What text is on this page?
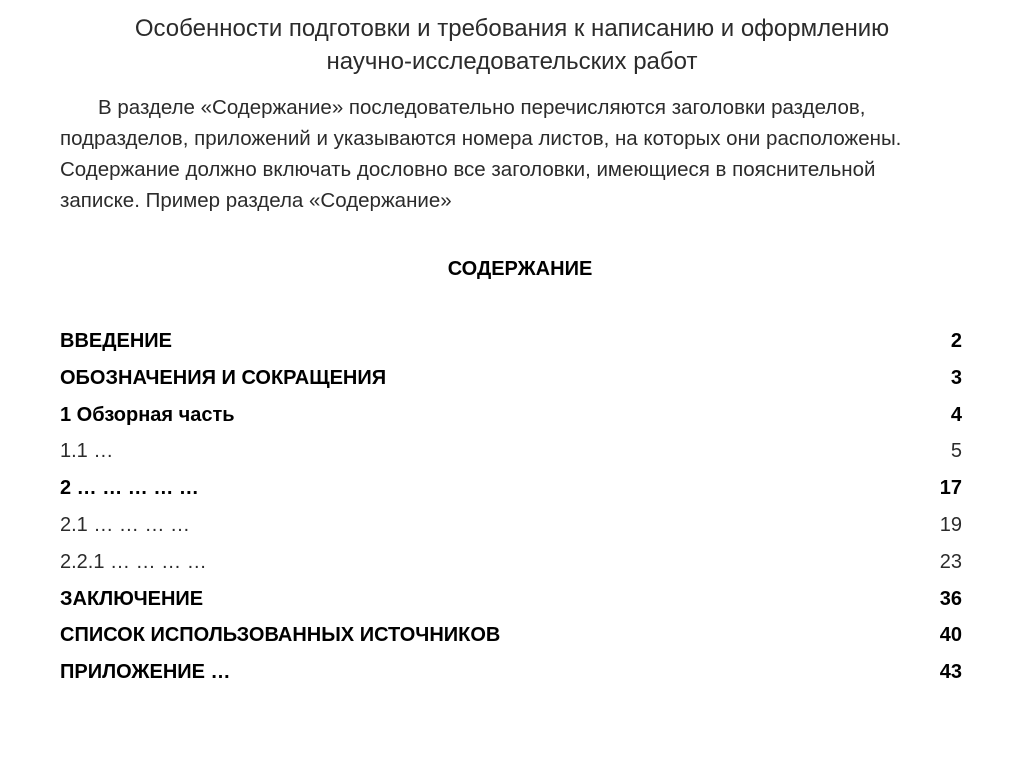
Особенности подготовки и требования к написанию и оформлению
научно-исследовательских работ
В разделе «Содержание» последовательно перечисляются заголовки разделов, подразделов, приложений и указываются номера листов, на которых они расположены. Содержание должно включать дословно все заголовки, имеющиеся в пояснительной записке. Пример раздела «Содержание»
СОДЕРЖАНИЕ
ВВЕДЕНИЕ	2
ОБОЗНАЧЕНИЯ И СОКРАЩЕНИЯ	3
1 Обзорная часть	4
1.1 …	5
2 … … … … …	17
2.1 … … … …	19
2.2.1 … … … …	23
ЗАКЛЮЧЕНИЕ	36
СПИСОК ИСПОЛЬЗОВАННЫХ ИСТОЧНИКОВ	40
ПРИЛОЖЕНИЕ …	43
